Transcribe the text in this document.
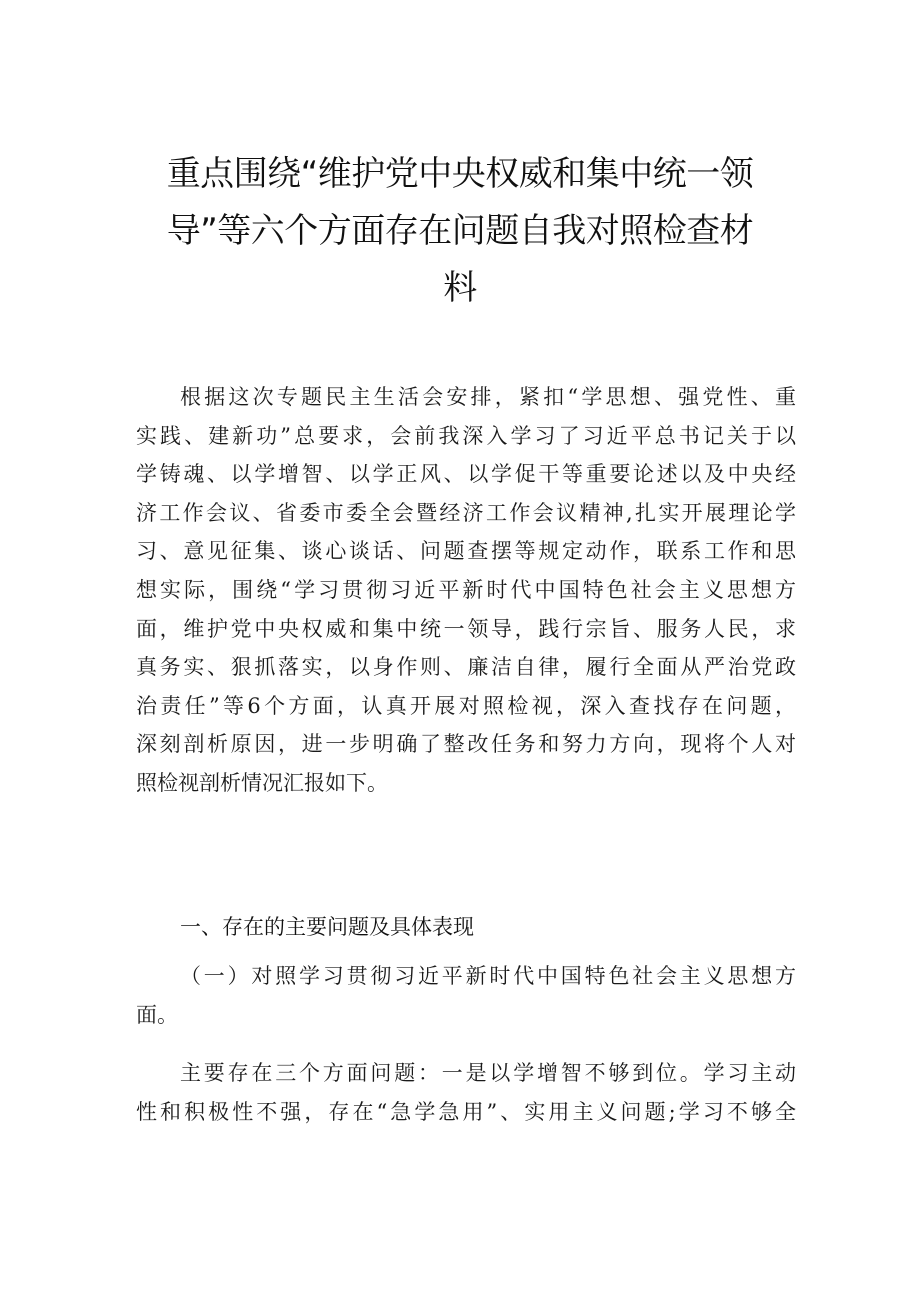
重点围绕“维护党中央权威和集中统一领
导”等六个方面存在问题自我对照检查材
料
根据这次专题民主生活会安排，紧扣“学思想、强党性、重
实践、建新功”总要求，会前我深入学习了习近平总书记关于以
学铸魂、以学增智、以学正风、以学促干等重要论述以及中央经
济工作会议、省委市委全会暨经济工作会议精神,扎实开展理论学
习、意见征集、谈心谈话、问题查摆等规定动作，联系工作和思
想实际，围绕“学习贯彻习近平新时代中国特色社会主义思想方
面，维护党中央权威和集中统一领导，践行宗旨、服务人民，求
真务实、狠抓落实，以身作则、廉洁自律，履行全面从严治党政
治责任”等6个方面，认真开展对照检视，深入查找存在问题，
深刻剖析原因，进一步明确了整改任务和努力方向，现将个人对
照检视剖析情况汇报如下。
一、存在的主要问题及具体表现
（一）对照学习贯彻习近平新时代中国特色社会主义思想方
面。
主要存在三个方面问题：一是以学增智不够到位。学习主动
性和积极性不强，存在“急学急用”、实用主义问题;学习不够全
